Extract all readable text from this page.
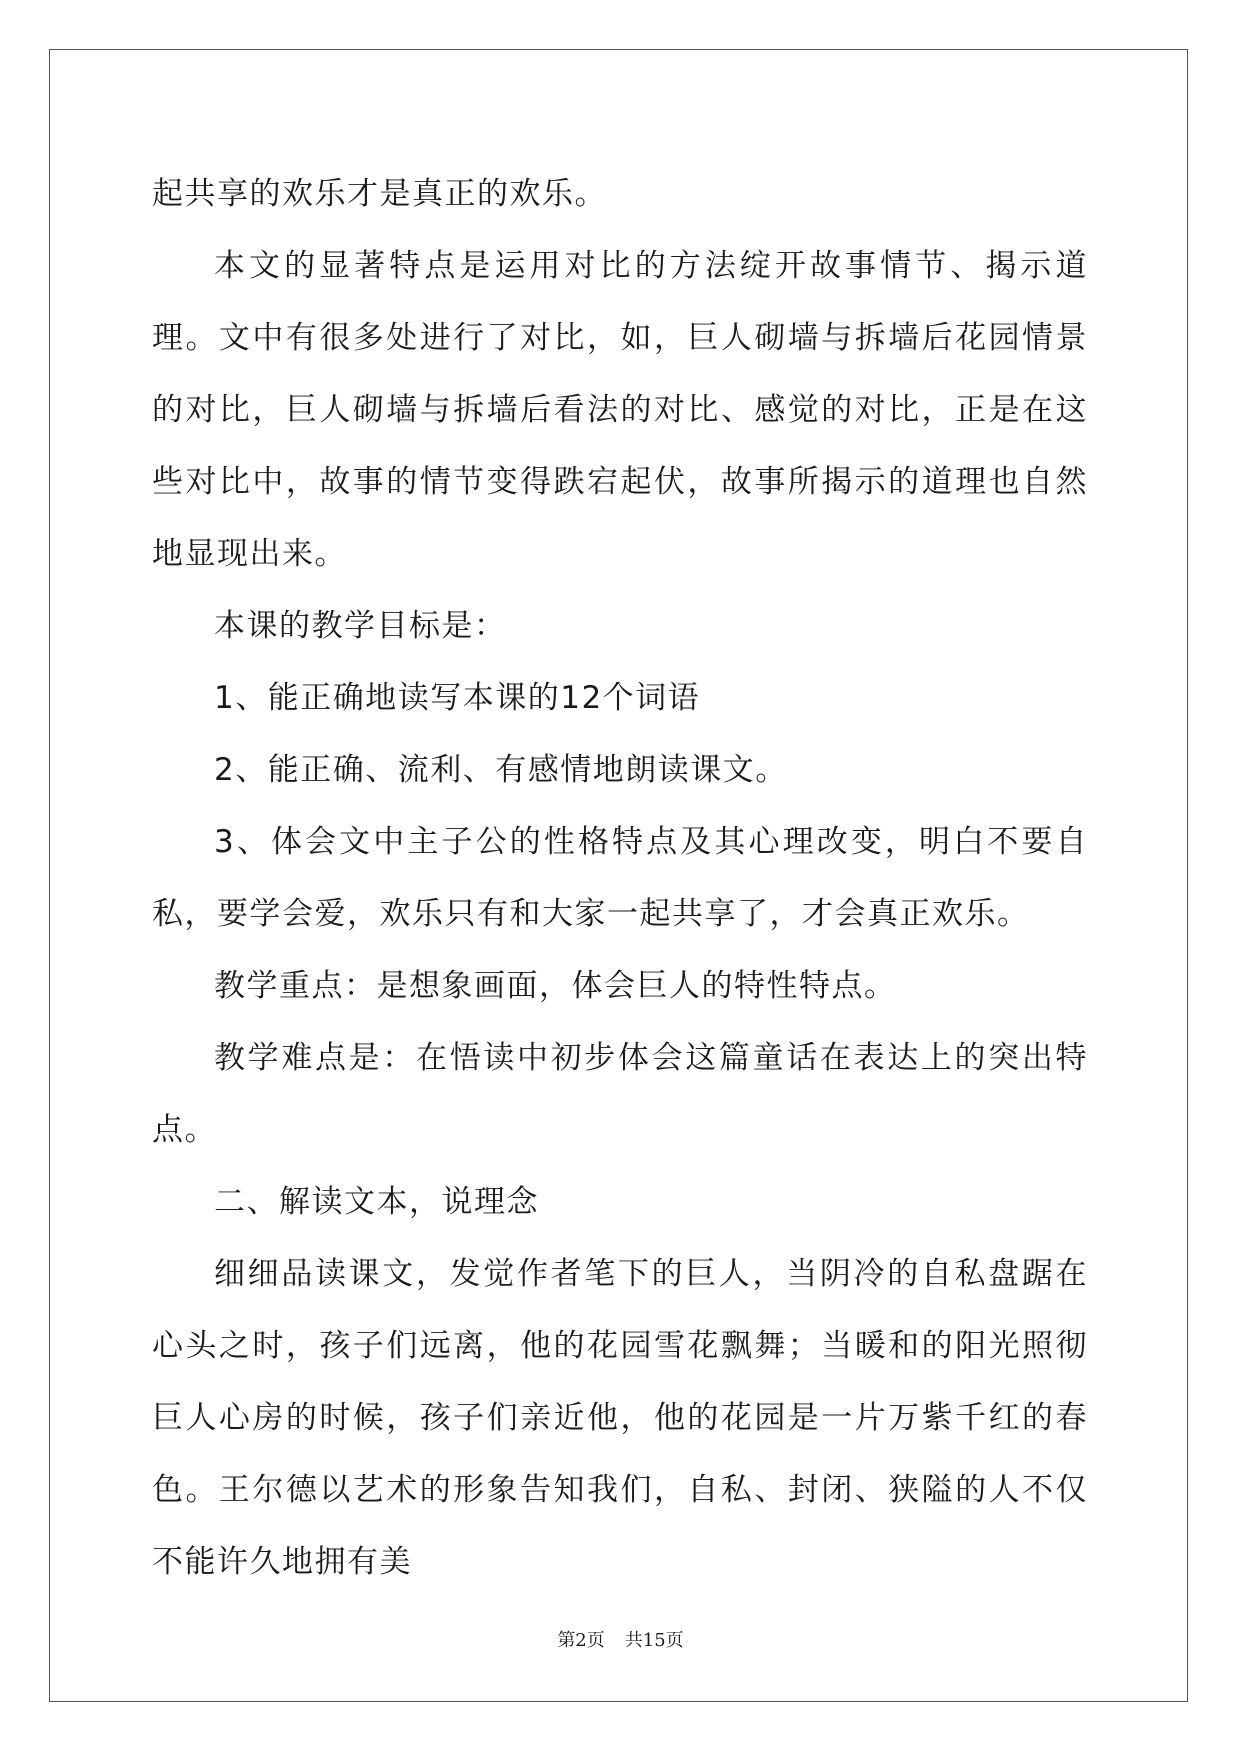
起共享的欢乐才是真正的欢乐。

本文的显著特点是运用对比的方法绽开故事情节、揭示道理。文中有很多处进行了对比，如，巨人砌墙与拆墙后花园情景的对比，巨人砌墙与拆墙后看法的对比、感觉的对比，正是在这些对比中，故事的情节变得跌宕起伏，故事所揭示的道理也自然地显现出来。

本课的教学目标是：

1、能正确地读写本课的12个词语

2、能正确、流利、有感情地朗读课文。

3、体会文中主子公的性格特点及其心理改变，明白不要自私，要学会爱，欢乐只有和大家一起共享了，才会真正欢乐。

教学重点：是想象画面，体会巨人的特性特点。

教学难点是：在悟读中初步体会这篇童话在表达上的突出特点。

二、解读文本，说理念

细细品读课文，发觉作者笔下的巨人，当阴冷的自私盘踞在心头之时，孩子们远离，他的花园雪花飘舞；当暖和的阳光照彻巨人心房的时候，孩子们亲近他，他的花园是一片万紫千红的春色。王尔德以艺术的形象告知我们，自私、封闭、狭隘的人不仅不能许久地拥有美

第2页 共15页
